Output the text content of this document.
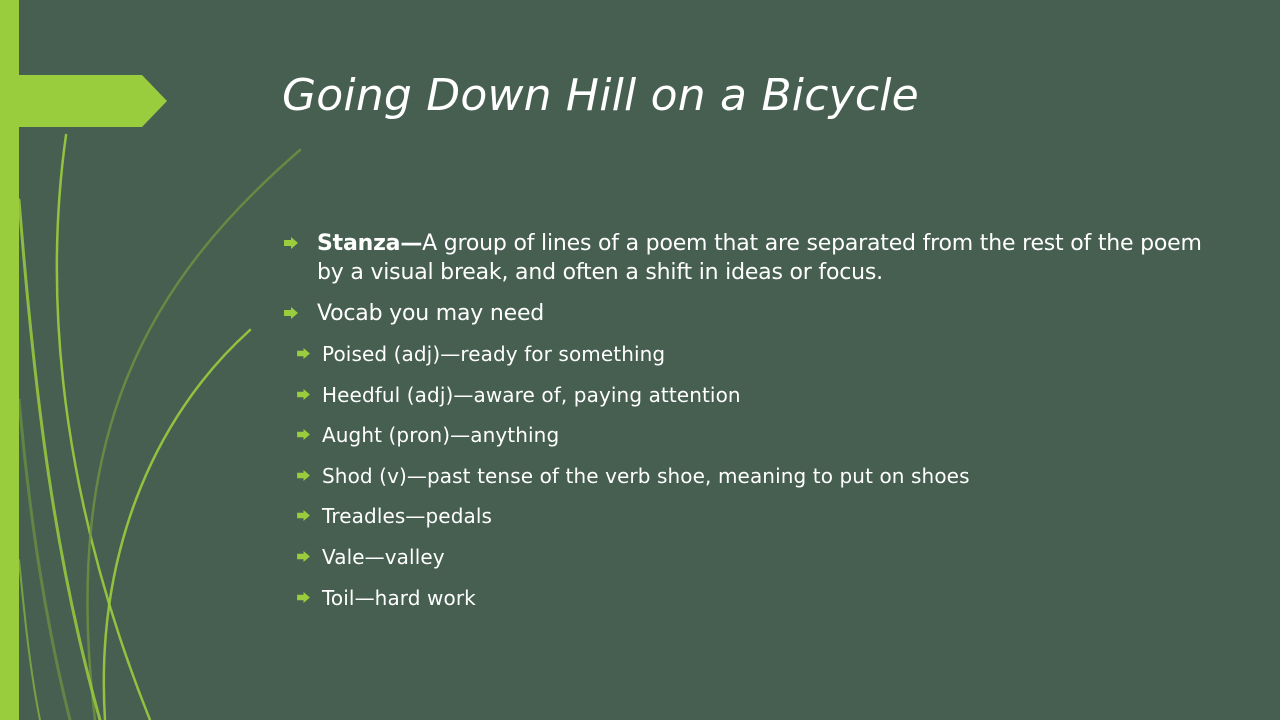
Going Down Hill on a Bicycle
Stanza—A group of lines of a poem that are separated from the rest of the poem by a visual break, and often a shift in ideas or focus.
Vocab you may need
Poised (adj)—ready for something
Heedful (adj)—aware of, paying attention
Aught (pron)—anything
Shod (v)—past tense of the verb shoe, meaning to put on shoes
Treadles—pedals
Vale—valley
Toil—hard work
